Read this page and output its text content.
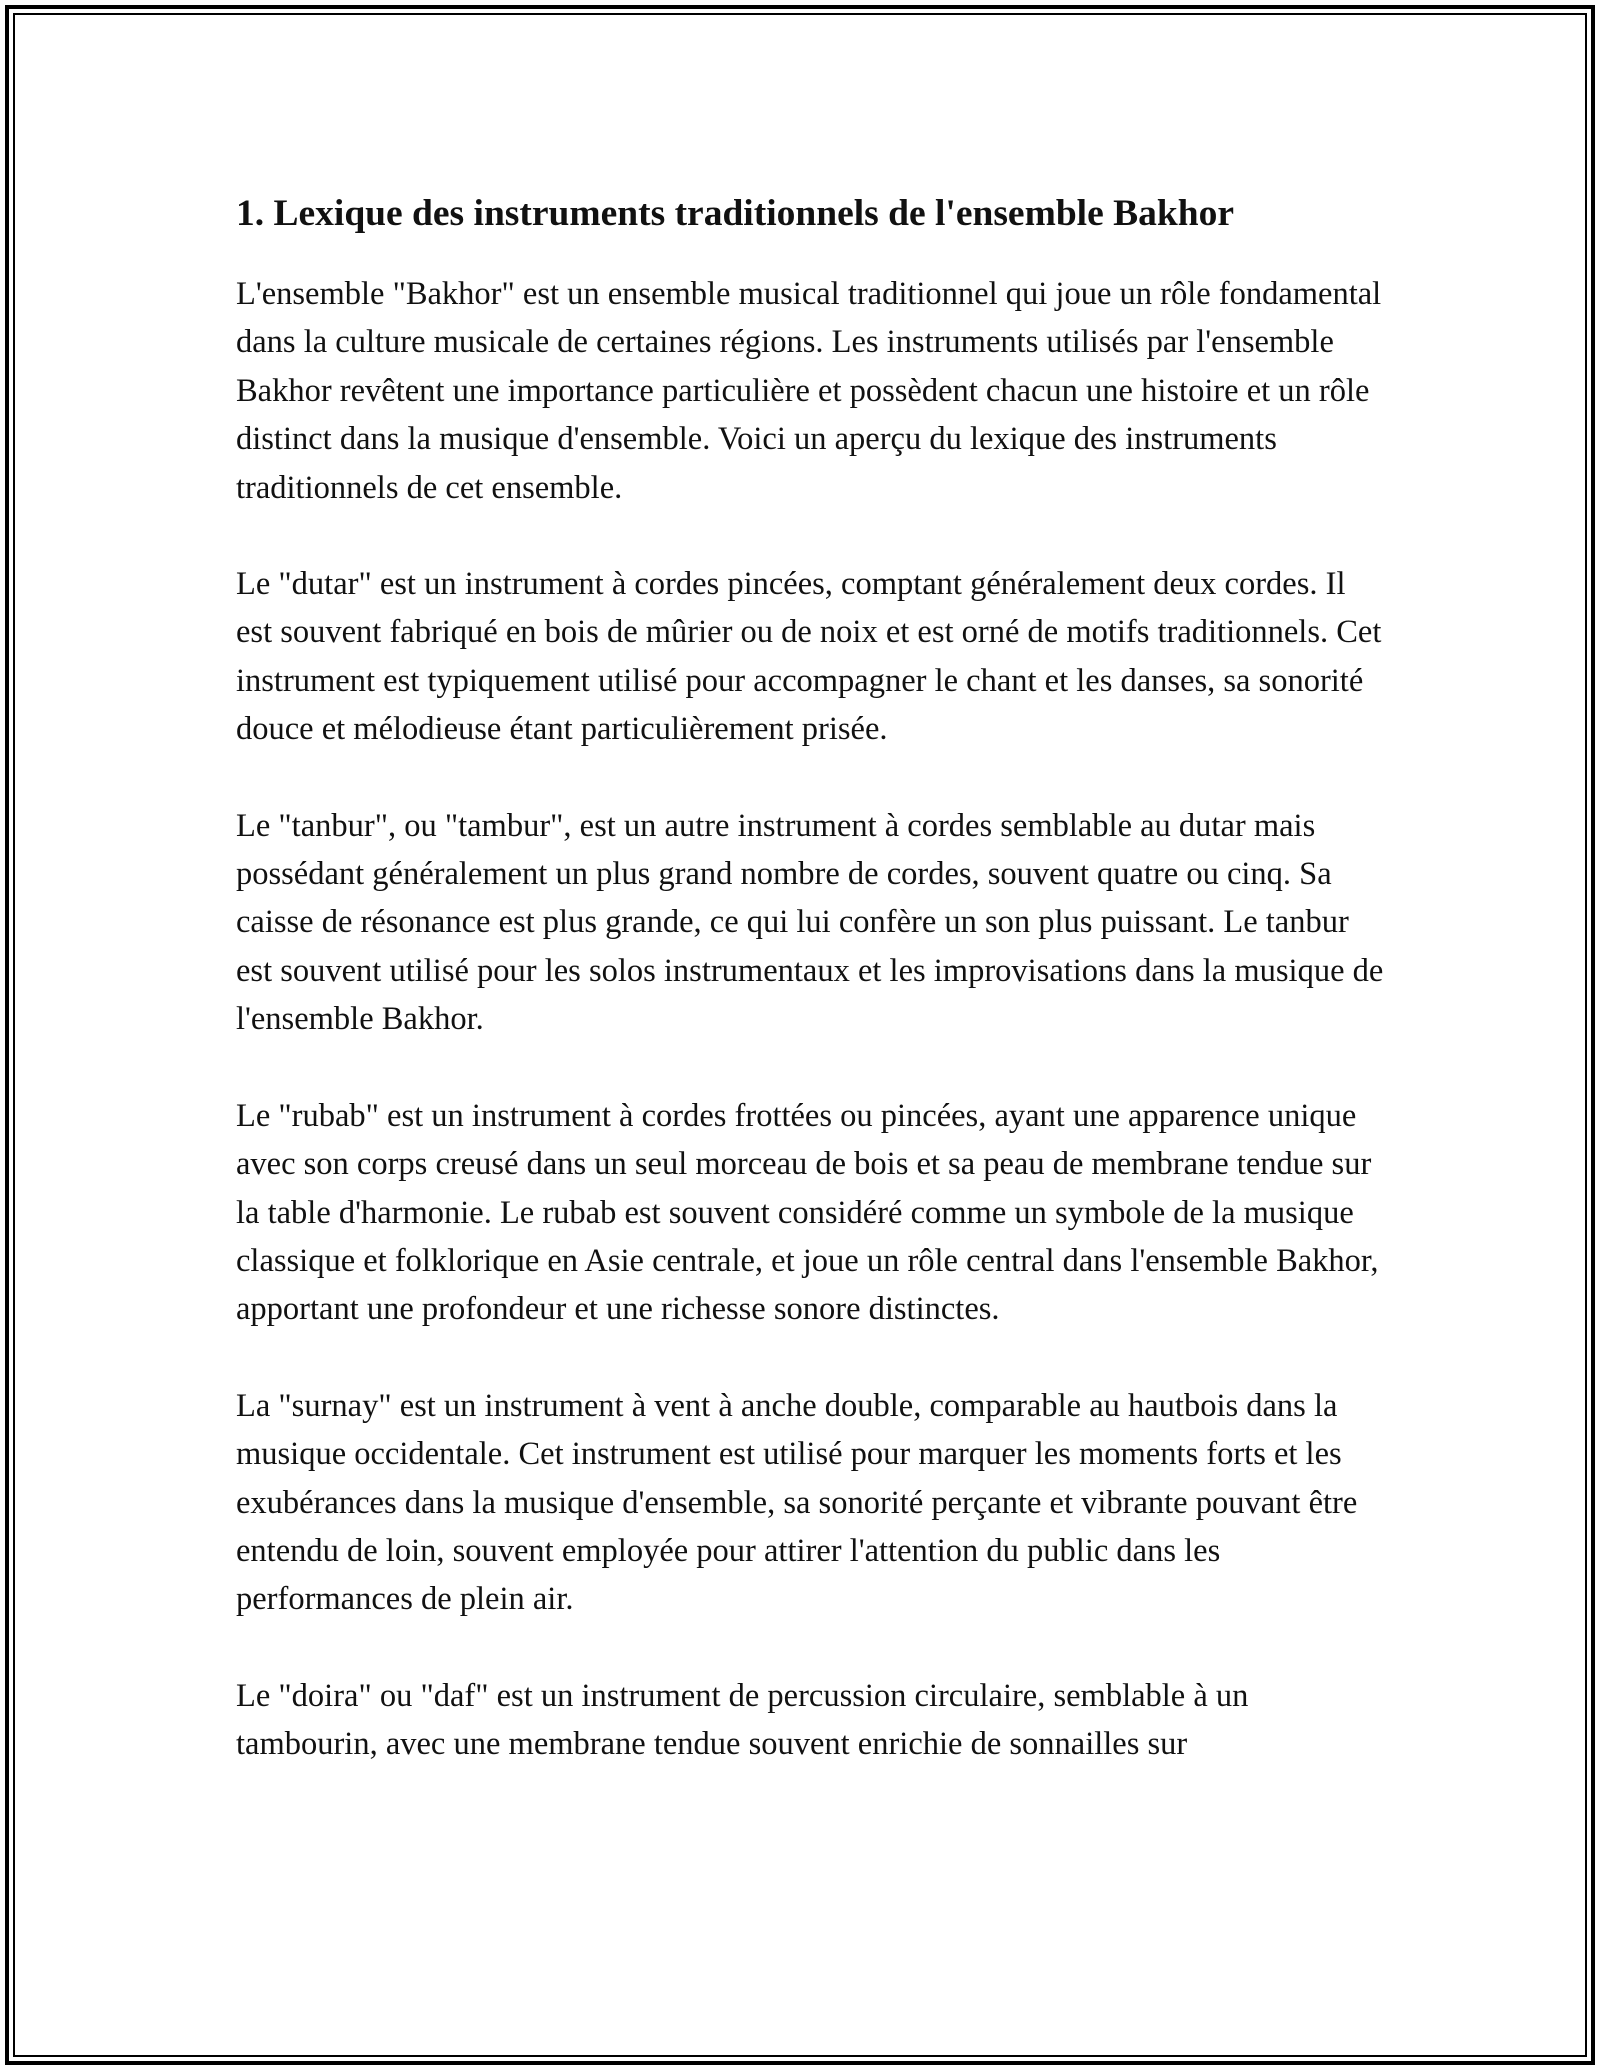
1. Lexique des instruments traditionnels de l'ensemble Bakhor

L'ensemble "Bakhor" est un ensemble musical traditionnel qui joue un rôle fondamental dans la culture musicale de certaines régions. Les instruments utilisés par l'ensemble Bakhor revêtent une importance particulière et possèdent chacun une histoire et un rôle distinct dans la musique d'ensemble. Voici un aperçu du lexique des instruments traditionnels de cet ensemble.

Le "dutar" est un instrument à cordes pincées, comptant généralement deux cordes. Il est souvent fabriqué en bois de mûrier ou de noix et est orné de motifs traditionnels. Cet instrument est typiquement utilisé pour accompagner le chant et les danses, sa sonorité douce et mélodieuse étant particulièrement prisée.

Le "tanbur", ou "tambur", est un autre instrument à cordes semblable au dutar mais possédant généralement un plus grand nombre de cordes, souvent quatre ou cinq. Sa caisse de résonance est plus grande, ce qui lui confère un son plus puissant. Le tanbur est souvent utilisé pour les solos instrumentaux et les improvisations dans la musique de l'ensemble Bakhor.

Le "rubab" est un instrument à cordes frottées ou pincées, ayant une apparence unique avec son corps creusé dans un seul morceau de bois et sa peau de membrane tendue sur la table d'harmonie. Le rubab est souvent considéré comme un symbole de la musique classique et folklorique en Asie centrale, et joue un rôle central dans l'ensemble Bakhor, apportant une profondeur et une richesse sonore distinctes.

La "surnay" est un instrument à vent à anche double, comparable au hautbois dans la musique occidentale. Cet instrument est utilisé pour marquer les moments forts et les exubérances dans la musique d'ensemble, sa sonorité perçante et vibrante pouvant être entendu de loin, souvent employée pour attirer l'attention du public dans les performances de plein air.

Le "doira" ou "daf" est un instrument de percussion circulaire, semblable à un tambourin, avec une membrane tendue souvent enrichie de sonnailles sur
